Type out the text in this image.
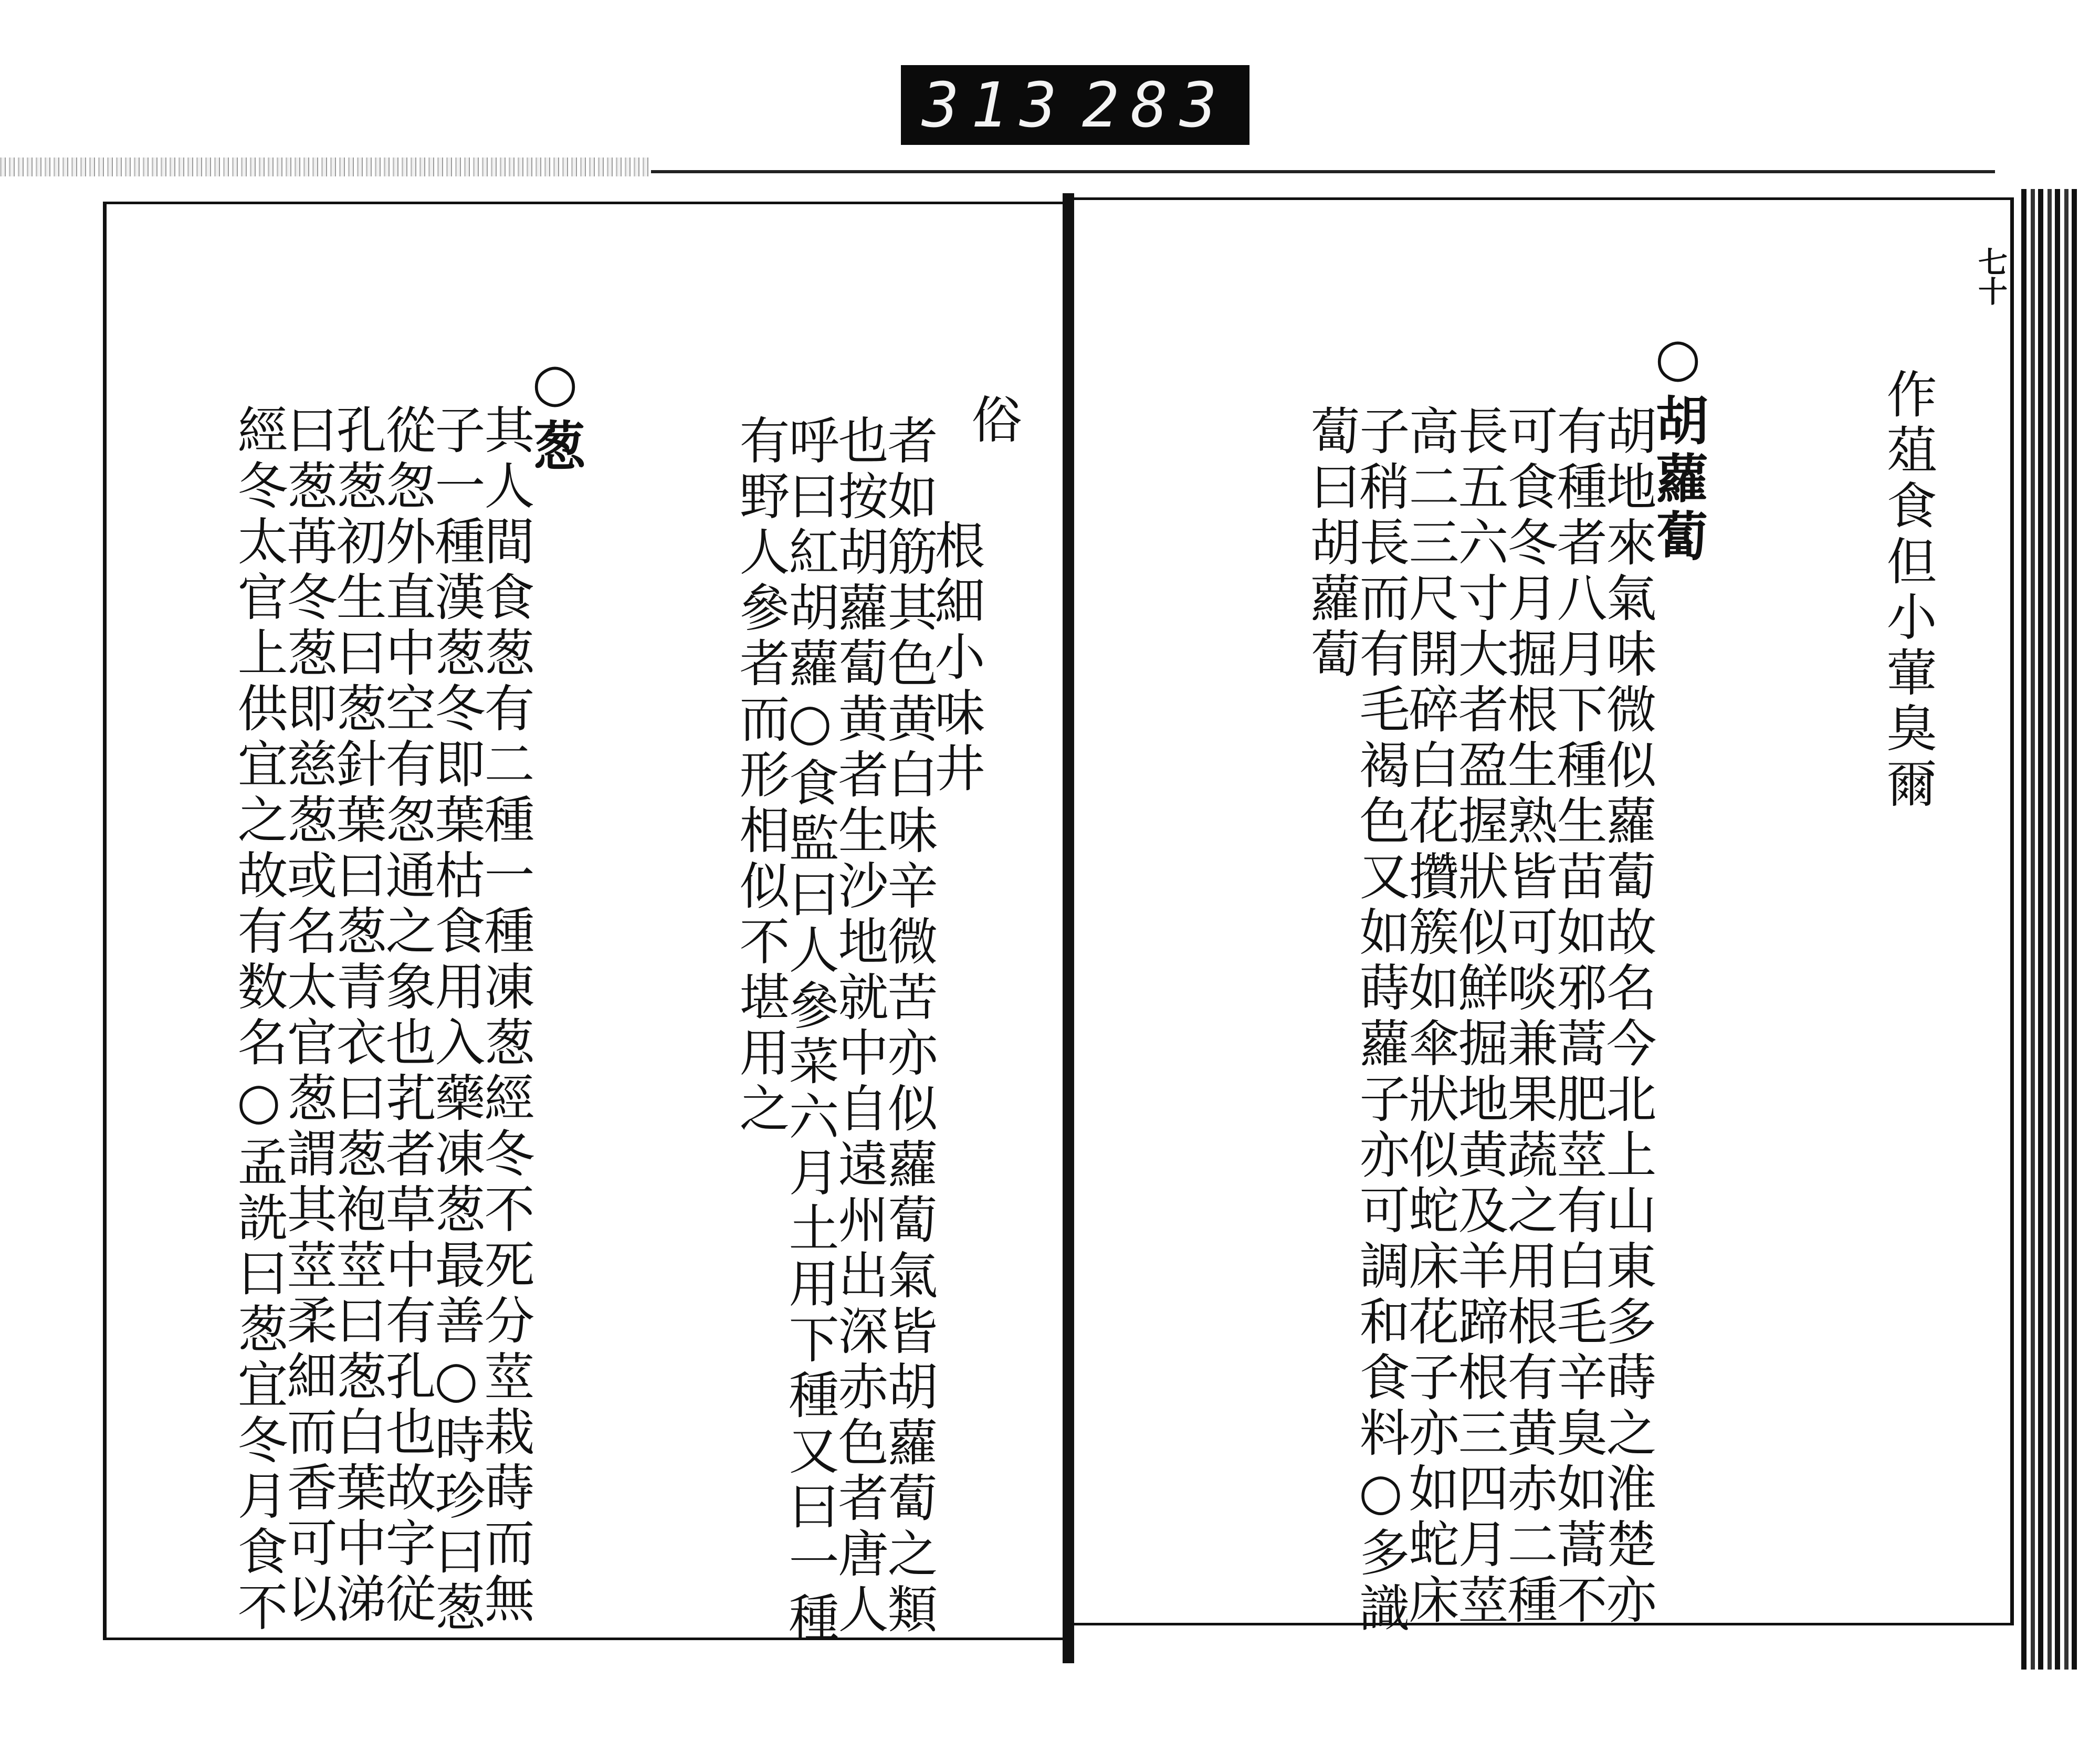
313 283
俗
根細小味井
者如筋其色黄白味辛微苦亦似蘿蔔氣皆胡蘿蔔之類
也按胡蘿蔔黄者生沙地就中自遠州出深赤色者唐人
呼曰紅胡蘿○食監曰人參菜六月土用下種又曰一種
有野人參者而形相似不堪用之
○葱
其人間食葱有二種一種凍葱經冬不死分莖栽蒔而無
子一種漢葱冬即葉枯食用入藥凍葱最善○時珍曰葱
從怱外直中空有怱通之象也芤者草中有孔也故字従
孔葱初生曰葱針葉曰葱青衣曰葱袍莖曰葱白葉中涕
曰葱苒冬葱即慈葱或名太官葱謂其莖柔細而香可以
經冬太官上供宜之故有数名○孟詵曰葱宜冬月食不	作葅食但小葷臭爾
○胡蘿蔔
胡地來氣味微似蘿蔔故名今北上山東多蒔之淮楚亦
有種者八月下種生苗如邪蒿肥莖有白毛辛臭如蒿不
可食冬月掘根生熟皆可啖兼果蔬之用根有黄赤二種
長五六寸大者盈握狀似鮮掘地黄及羊蹄根三四月莖
高二三尺開碎白花攢簇如傘狀似蛇床花子亦如蛇床
子稍長而有毛褐色又如蒔蘿子亦可調和食料○多識
蔔曰胡蘿蔔
七十
